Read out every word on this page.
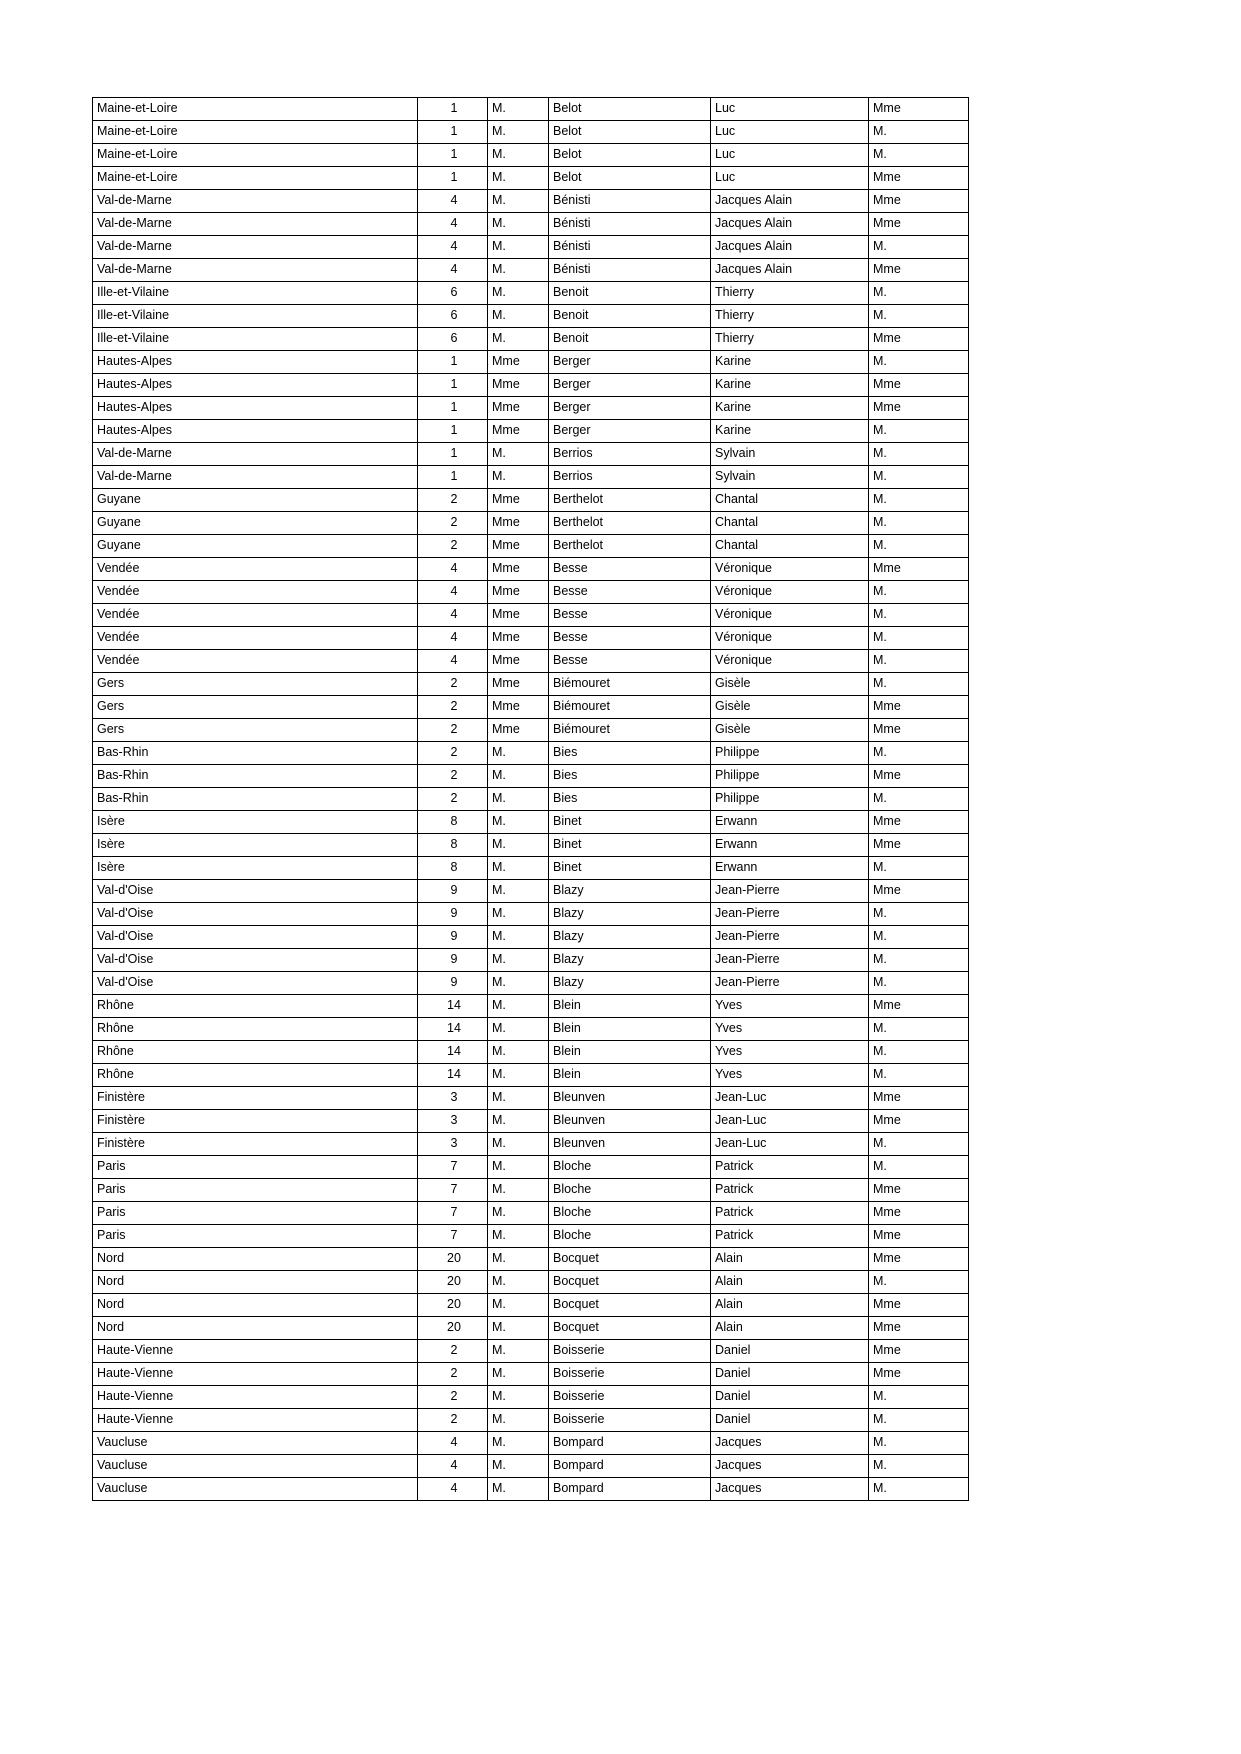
Maine-et-Loire	1	M.	Belot	Luc	Mme
Maine-et-Loire	1	M.	Belot	Luc	M.
Maine-et-Loire	1	M.	Belot	Luc	M.
Maine-et-Loire	1	M.	Belot	Luc	Mme
Val-de-Marne	4	M.	Bénisti	Jacques Alain	Mme
Val-de-Marne	4	M.	Bénisti	Jacques Alain	Mme
Val-de-Marne	4	M.	Bénisti	Jacques Alain	M.
Val-de-Marne	4	M.	Bénisti	Jacques Alain	Mme
Ille-et-Vilaine	6	M.	Benoit	Thierry	M.
Ille-et-Vilaine	6	M.	Benoit	Thierry	M.
Ille-et-Vilaine	6	M.	Benoit	Thierry	Mme
Hautes-Alpes	1	Mme	Berger	Karine	M.
Hautes-Alpes	1	Mme	Berger	Karine	Mme
Hautes-Alpes	1	Mme	Berger	Karine	Mme
Hautes-Alpes	1	Mme	Berger	Karine	M.
Val-de-Marne	1	M.	Berrios	Sylvain	M.
Val-de-Marne	1	M.	Berrios	Sylvain	M.
Guyane	2	Mme	Berthelot	Chantal	M.
Guyane	2	Mme	Berthelot	Chantal	M.
Guyane	2	Mme	Berthelot	Chantal	M.
Vendée	4	Mme	Besse	Véronique	Mme
Vendée	4	Mme	Besse	Véronique	M.
Vendée	4	Mme	Besse	Véronique	M.
Vendée	4	Mme	Besse	Véronique	M.
Vendée	4	Mme	Besse	Véronique	M.
Gers	2	Mme	Biémouret	Gisèle	M.
Gers	2	Mme	Biémouret	Gisèle	Mme
Gers	2	Mme	Biémouret	Gisèle	Mme
Bas-Rhin	2	M.	Bies	Philippe	M.
Bas-Rhin	2	M.	Bies	Philippe	Mme
Bas-Rhin	2	M.	Bies	Philippe	M.
Isère	8	M.	Binet	Erwann	Mme
Isère	8	M.	Binet	Erwann	Mme
Isère	8	M.	Binet	Erwann	M.
Val-d'Oise	9	M.	Blazy	Jean-Pierre	Mme
Val-d'Oise	9	M.	Blazy	Jean-Pierre	M.
Val-d'Oise	9	M.	Blazy	Jean-Pierre	M.
Val-d'Oise	9	M.	Blazy	Jean-Pierre	M.
Val-d'Oise	9	M.	Blazy	Jean-Pierre	M.
Rhône	14	M.	Blein	Yves	Mme
Rhône	14	M.	Blein	Yves	M.
Rhône	14	M.	Blein	Yves	M.
Rhône	14	M.	Blein	Yves	M.
Finistère	3	M.	Bleunven	Jean-Luc	Mme
Finistère	3	M.	Bleunven	Jean-Luc	Mme
Finistère	3	M.	Bleunven	Jean-Luc	M.
Paris	7	M.	Bloche	Patrick	M.
Paris	7	M.	Bloche	Patrick	Mme
Paris	7	M.	Bloche	Patrick	Mme
Paris	7	M.	Bloche	Patrick	Mme
Nord	20	M.	Bocquet	Alain	Mme
Nord	20	M.	Bocquet	Alain	M.
Nord	20	M.	Bocquet	Alain	Mme
Nord	20	M.	Bocquet	Alain	Mme
Haute-Vienne	2	M.	Boisserie	Daniel	Mme
Haute-Vienne	2	M.	Boisserie	Daniel	Mme
Haute-Vienne	2	M.	Boisserie	Daniel	M.
Haute-Vienne	2	M.	Boisserie	Daniel	M.
Vaucluse	4	M.	Bompard	Jacques	M.
Vaucluse	4	M.	Bompard	Jacques	M.
Vaucluse	4	M.	Bompard	Jacques	M.
